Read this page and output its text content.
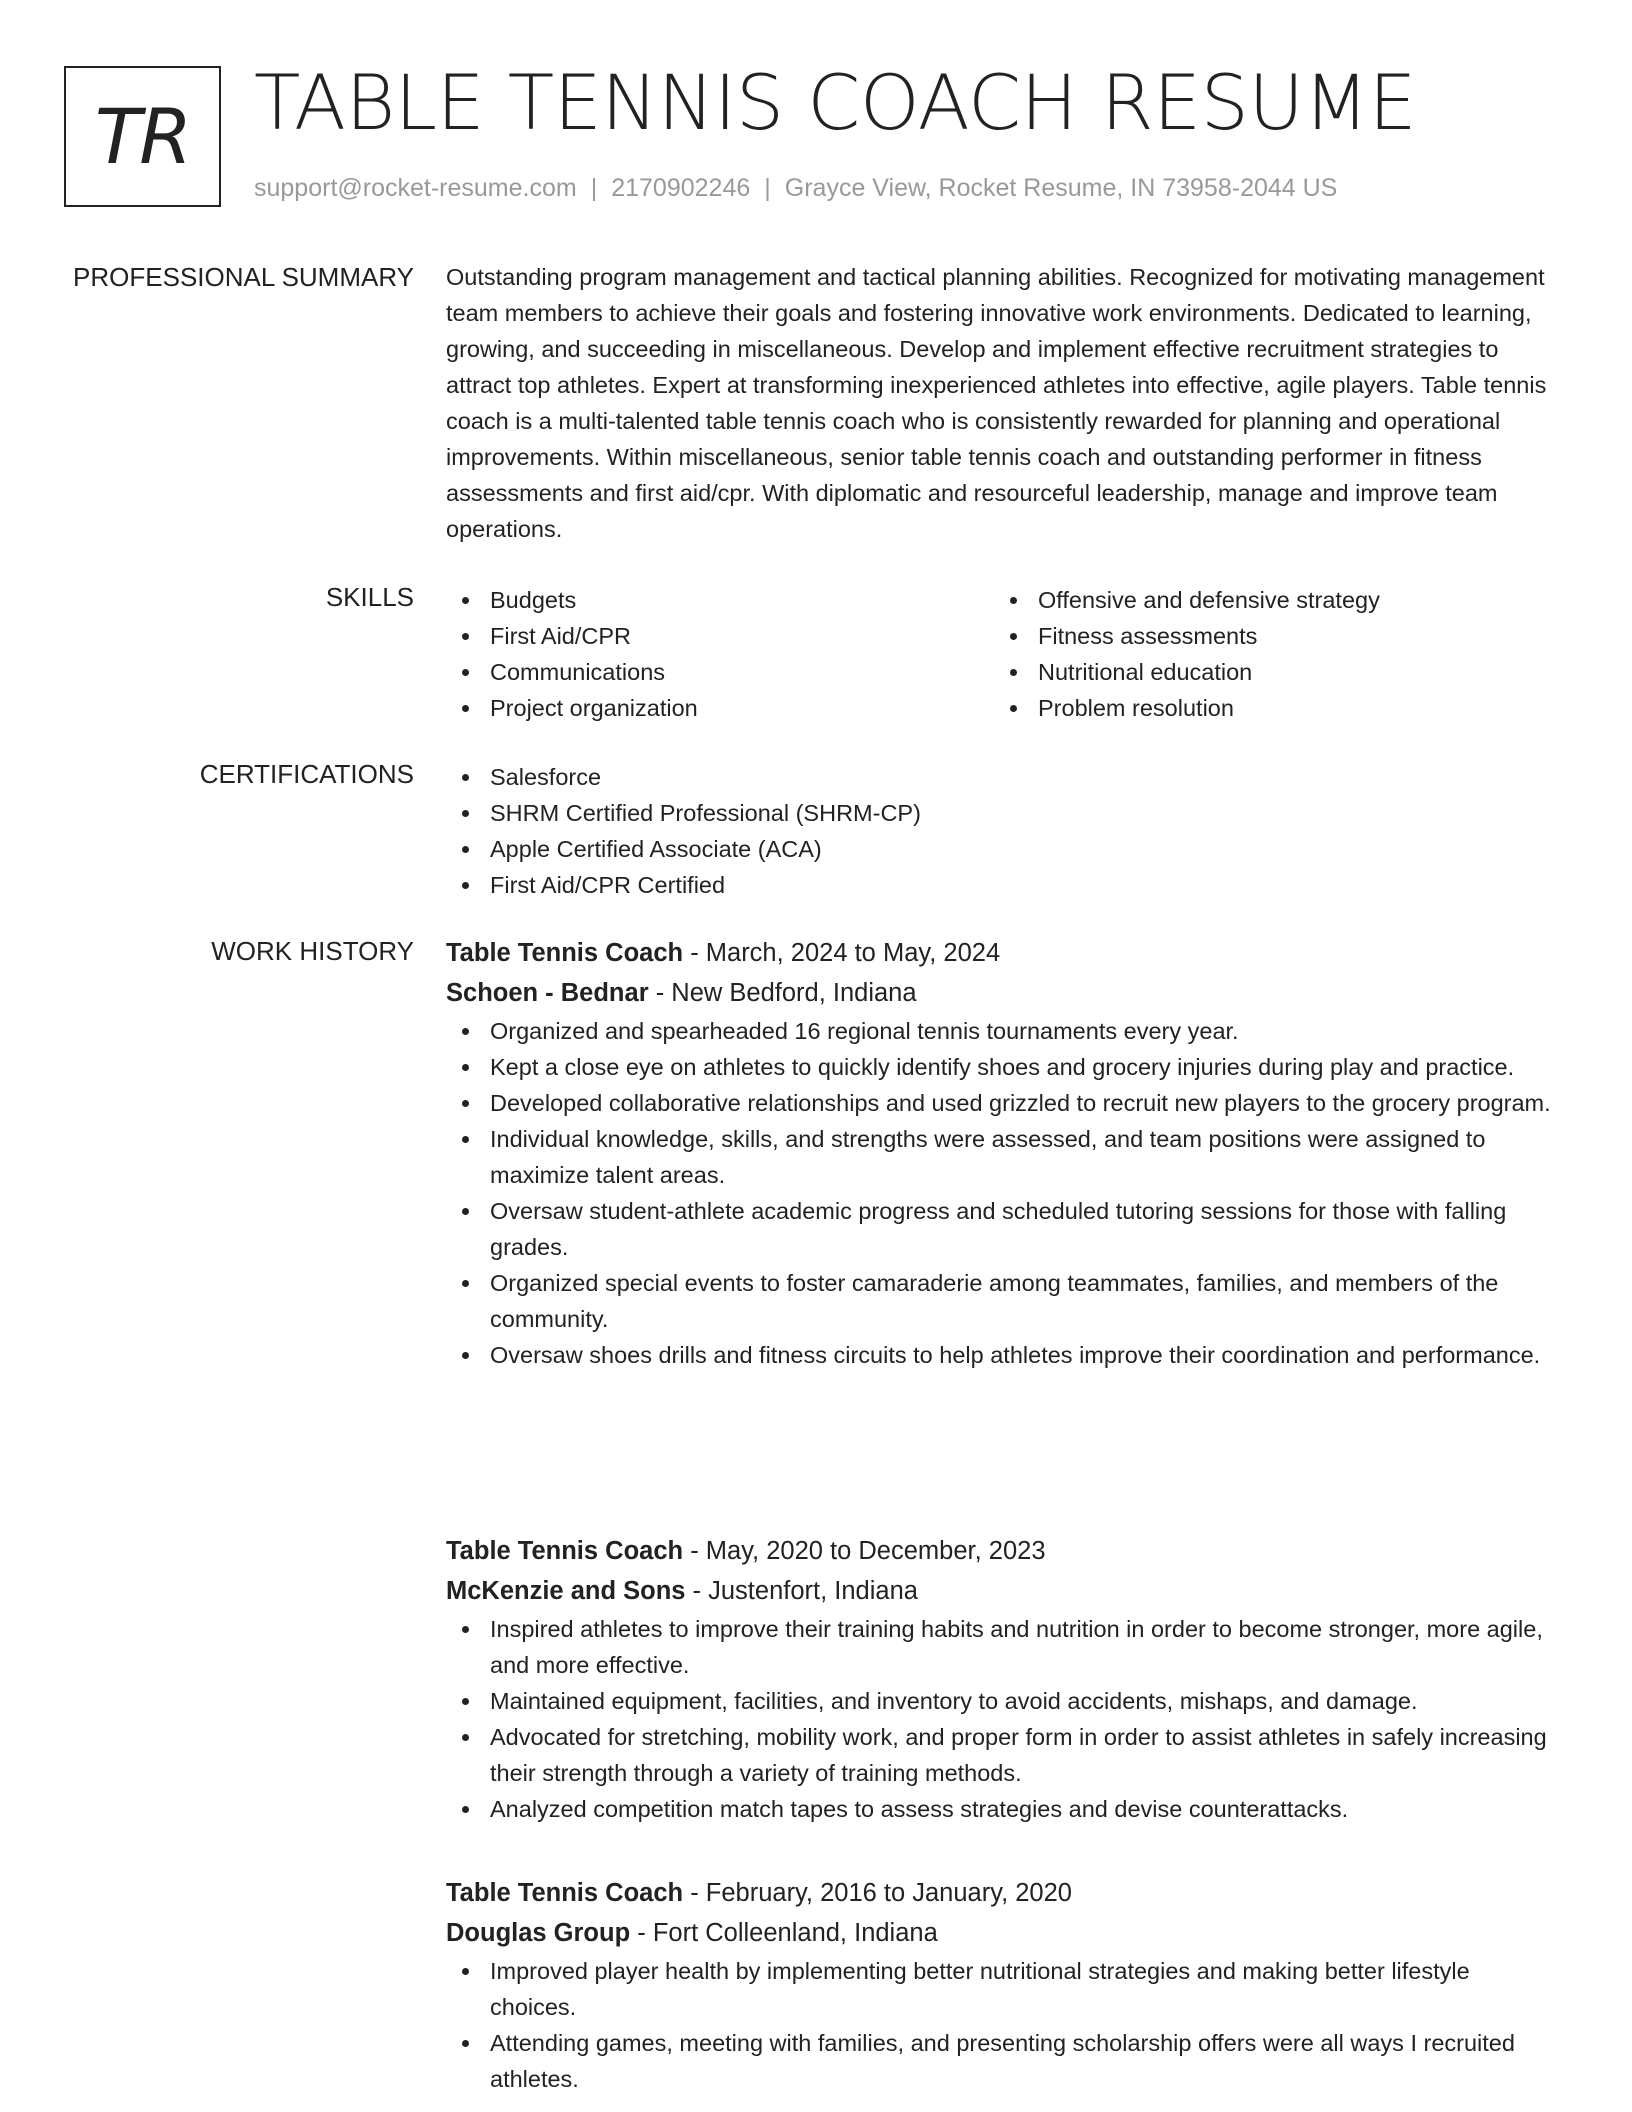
TR TABLE TENNIS COACH RESUME
support@rocket-resume.com | 2170902246 | Grayce View, Rocket Resume, IN 73958-2044 US
PROFESSIONAL SUMMARY Outstanding program management and tactical planning abilities. Recognized for motivating management team members to achieve their goals and fostering innovative work environments. Dedicated to learning, growing, and succeeding in miscellaneous. Develop and implement effective recruitment strategies to attract top athletes. Expert at transforming inexperienced athletes into effective, agile players. Table tennis coach is a multi-talented table tennis coach who is consistently rewarded for planning and operational improvements. Within miscellaneous, senior table tennis coach and outstanding performer in fitness assessments and first aid/cpr. With diplomatic and resourceful leadership, manage and improve team operations.

SKILLS	Budgets
First Aid/CPR
Communications
Project organization
Offensive and defensive strategy
Fitness assessments
Nutritional education
Problem resolution
CERTIFICATIONS	Salesforce
SHRM Certified Professional (SHRM-CP)
Apple Certified Associate (ACA)
First Aid/CPR Certified
WORK HISTORY Table Tennis Coach - March, 2024 to May, 2024
Schoen - Bednar - New Bedford, Indiana
Organized and spearheaded 16 regional tennis tournaments every year.
Kept a close eye on athletes to quickly identify shoes and grocery injuries during play and practice.
Developed collaborative relationships and used grizzled to recruit new players to the grocery program.
Individual knowledge, skills, and strengths were assessed, and team positions were assigned to maximize talent areas.
Oversaw student-athlete academic progress and scheduled tutoring sessions for those with falling grades.
Organized special events to foster camaraderie among teammates, families, and members of the community.
Oversaw shoes drills and fitness circuits to help athletes improve their coordination and performance.
Table Tennis Coach - May, 2020 to December, 2023
McKenzie and Sons - Justenfort, Indiana
Inspired athletes to improve their training habits and nutrition in order to become stronger, more agile, and more effective.
Maintained equipment, facilities, and inventory to avoid accidents, mishaps, and damage.
Advocated for stretching, mobility work, and proper form in order to assist athletes in safely increasing their strength through a variety of training methods.
Analyzed competition match tapes to assess strategies and devise counterattacks.
Table Tennis Coach - February, 2016 to January, 2020
Douglas Group - Fort Colleenland, Indiana
Improved player health by implementing better nutritional strategies and making better lifestyle choices.
Attending games, meeting with families, and presenting scholarship offers were all ways I recruited athletes.
